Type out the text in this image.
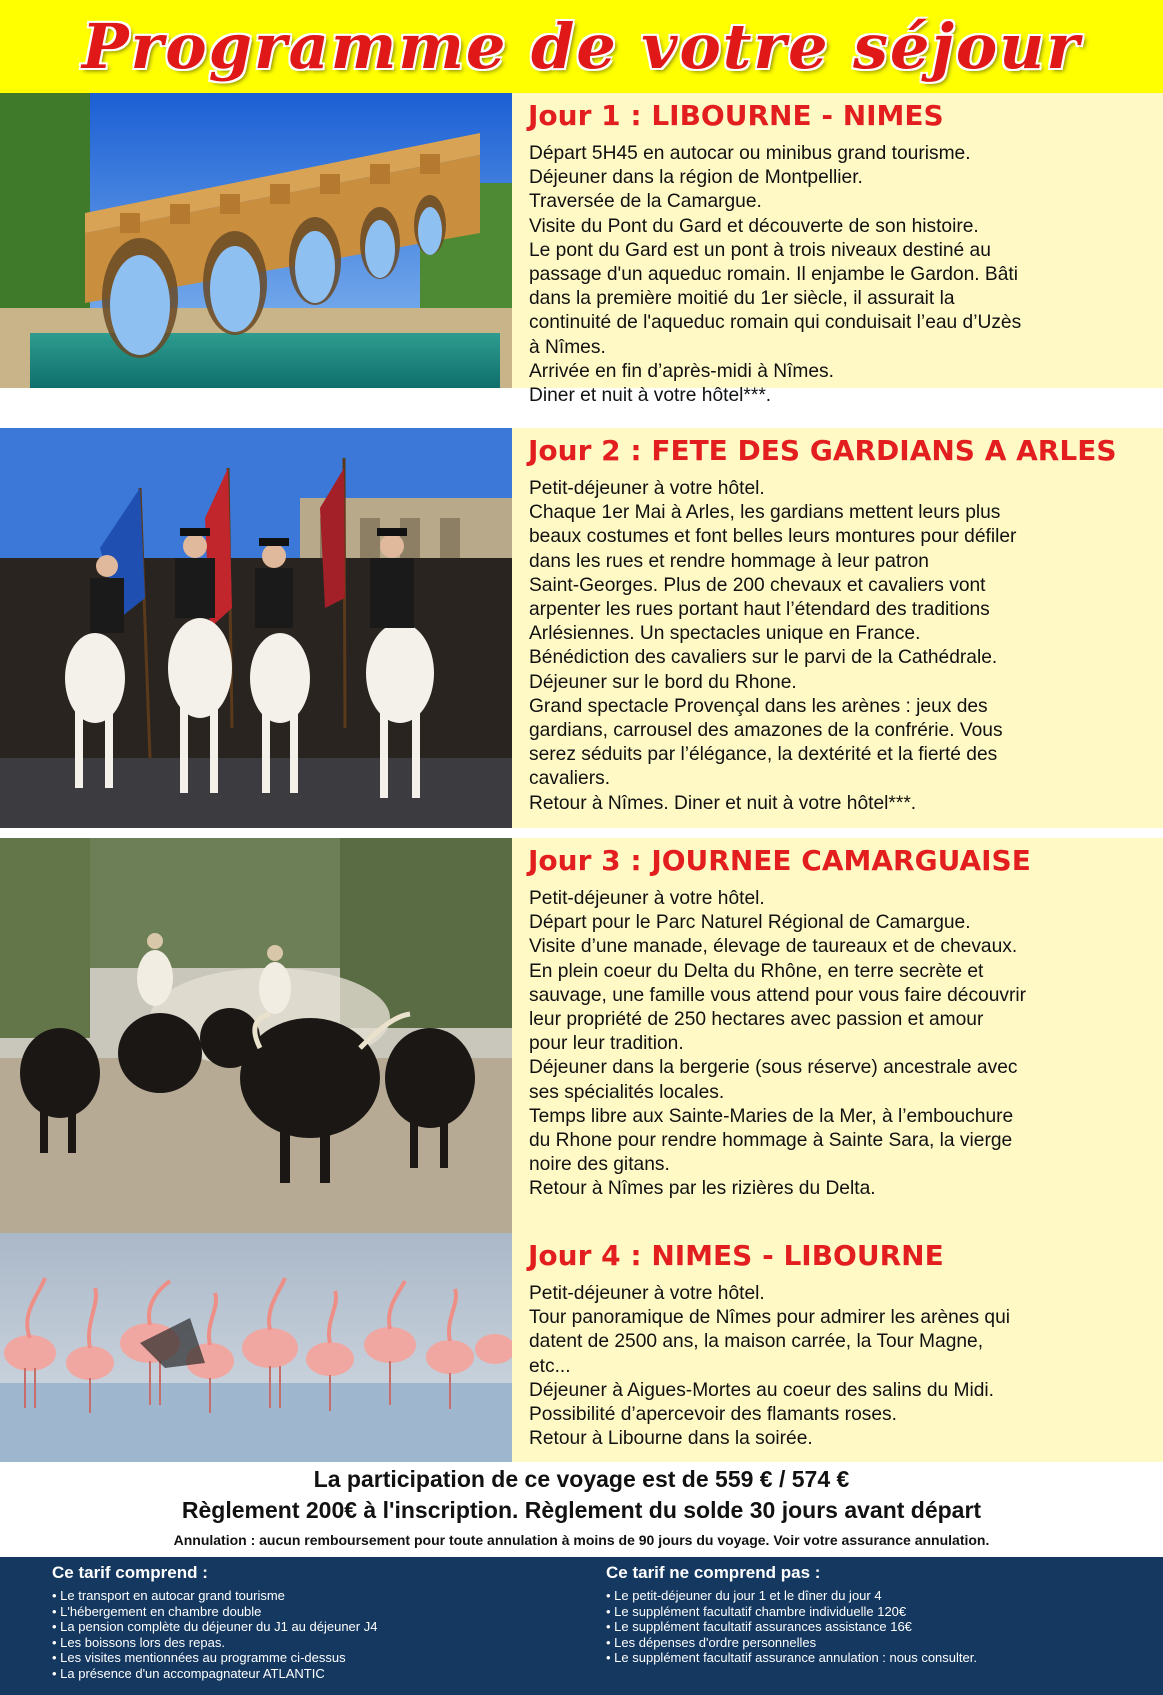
Programme de votre séjour
Jour 1 : LIBOURNE - NIMES
Départ 5H45 en autocar ou minibus grand tourisme.
Déjeuner dans la région de Montpellier.
Traversée de la Camargue.
Visite du Pont du Gard et découverte de son histoire.
Le pont du Gard est un pont à trois niveaux destiné au
passage d'un aqueduc romain. Il enjambe le Gardon. Bâti
dans la première moitié du 1er siècle, il assurait la
continuité de l'aqueduc romain qui conduisait l’eau d’Uzès
à Nîmes.
Arrivée en fin d’après-midi à Nîmes.
Diner et nuit à votre hôtel***.
Jour 2 : FETE DES GARDIANS A ARLES
Petit-déjeuner à votre hôtel.
Chaque 1er Mai à Arles, les gardians mettent leurs plus
beaux costumes et font belles leurs montures pour défiler
dans les rues et rendre hommage à leur patron
Saint-Georges. Plus de 200 chevaux et cavaliers vont
arpenter les rues portant haut l’étendard des traditions
Arlésiennes. Un spectacles unique en France.
Bénédiction des cavaliers sur le parvi de la Cathédrale.
Déjeuner sur le bord du Rhone.
Grand spectacle Provençal dans les arènes : jeux des
gardians, carrousel des amazones de la confrérie. Vous
serez séduits par l’élégance, la dextérité et la fierté des
cavaliers.
Retour à Nîmes. Diner et nuit à votre hôtel***.
Jour 3 : JOURNEE CAMARGUAISE
Petit-déjeuner à votre hôtel.
Départ pour le Parc Naturel Régional de Camargue.
Visite d’une manade, élevage de taureaux et de chevaux.
En plein coeur du Delta du Rhône, en terre secrète et
sauvage, une famille vous attend pour vous faire découvrir
leur propriété de 250 hectares avec passion et amour
pour leur tradition.
Déjeuner dans la bergerie (sous réserve) ancestrale avec
ses spécialités locales.
Temps libre aux Sainte-Maries de la Mer, à l’embouchure
du Rhone pour rendre hommage à Sainte Sara, la vierge
noire des gitans.
Retour à Nîmes par les rizières du Delta.
Jour 4 : NIMES - LIBOURNE
Petit-déjeuner à votre hôtel.
Tour panoramique de Nîmes pour admirer les arènes qui
datent de 2500 ans, la maison carrée, la Tour Magne,
etc...
Déjeuner à Aigues-Mortes au coeur des salins du Midi.
Possibilité d’apercevoir des flamants roses.
Retour à Libourne dans la soirée.
La participation de ce voyage est de 559 € / 574 €
Règlement 200€ à l'inscription. Règlement du solde 30 jours avant départ
Annulation : aucun remboursement pour toute annulation à moins de 90 jours du voyage. Voir votre assurance annulation.
Ce tarif comprend :
• Le transport en autocar grand tourisme
• L'hébergement en chambre double
• La pension complète du déjeuner du J1 au déjeuner J4
• Les boissons lors des repas.
• Les visites mentionnées au programme ci-dessus
• La présence d'un accompagnateur ATLANTIC
Ce tarif ne comprend pas :
• Le petit-déjeuner du jour 1 et le dîner du jour 4
• Le supplément facultatif chambre individuelle 120€
• Le supplément facultatif assurances assistance 16€
• Les dépenses d'ordre personnelles
• Le supplément facultatif assurance annulation : nous consulter.
